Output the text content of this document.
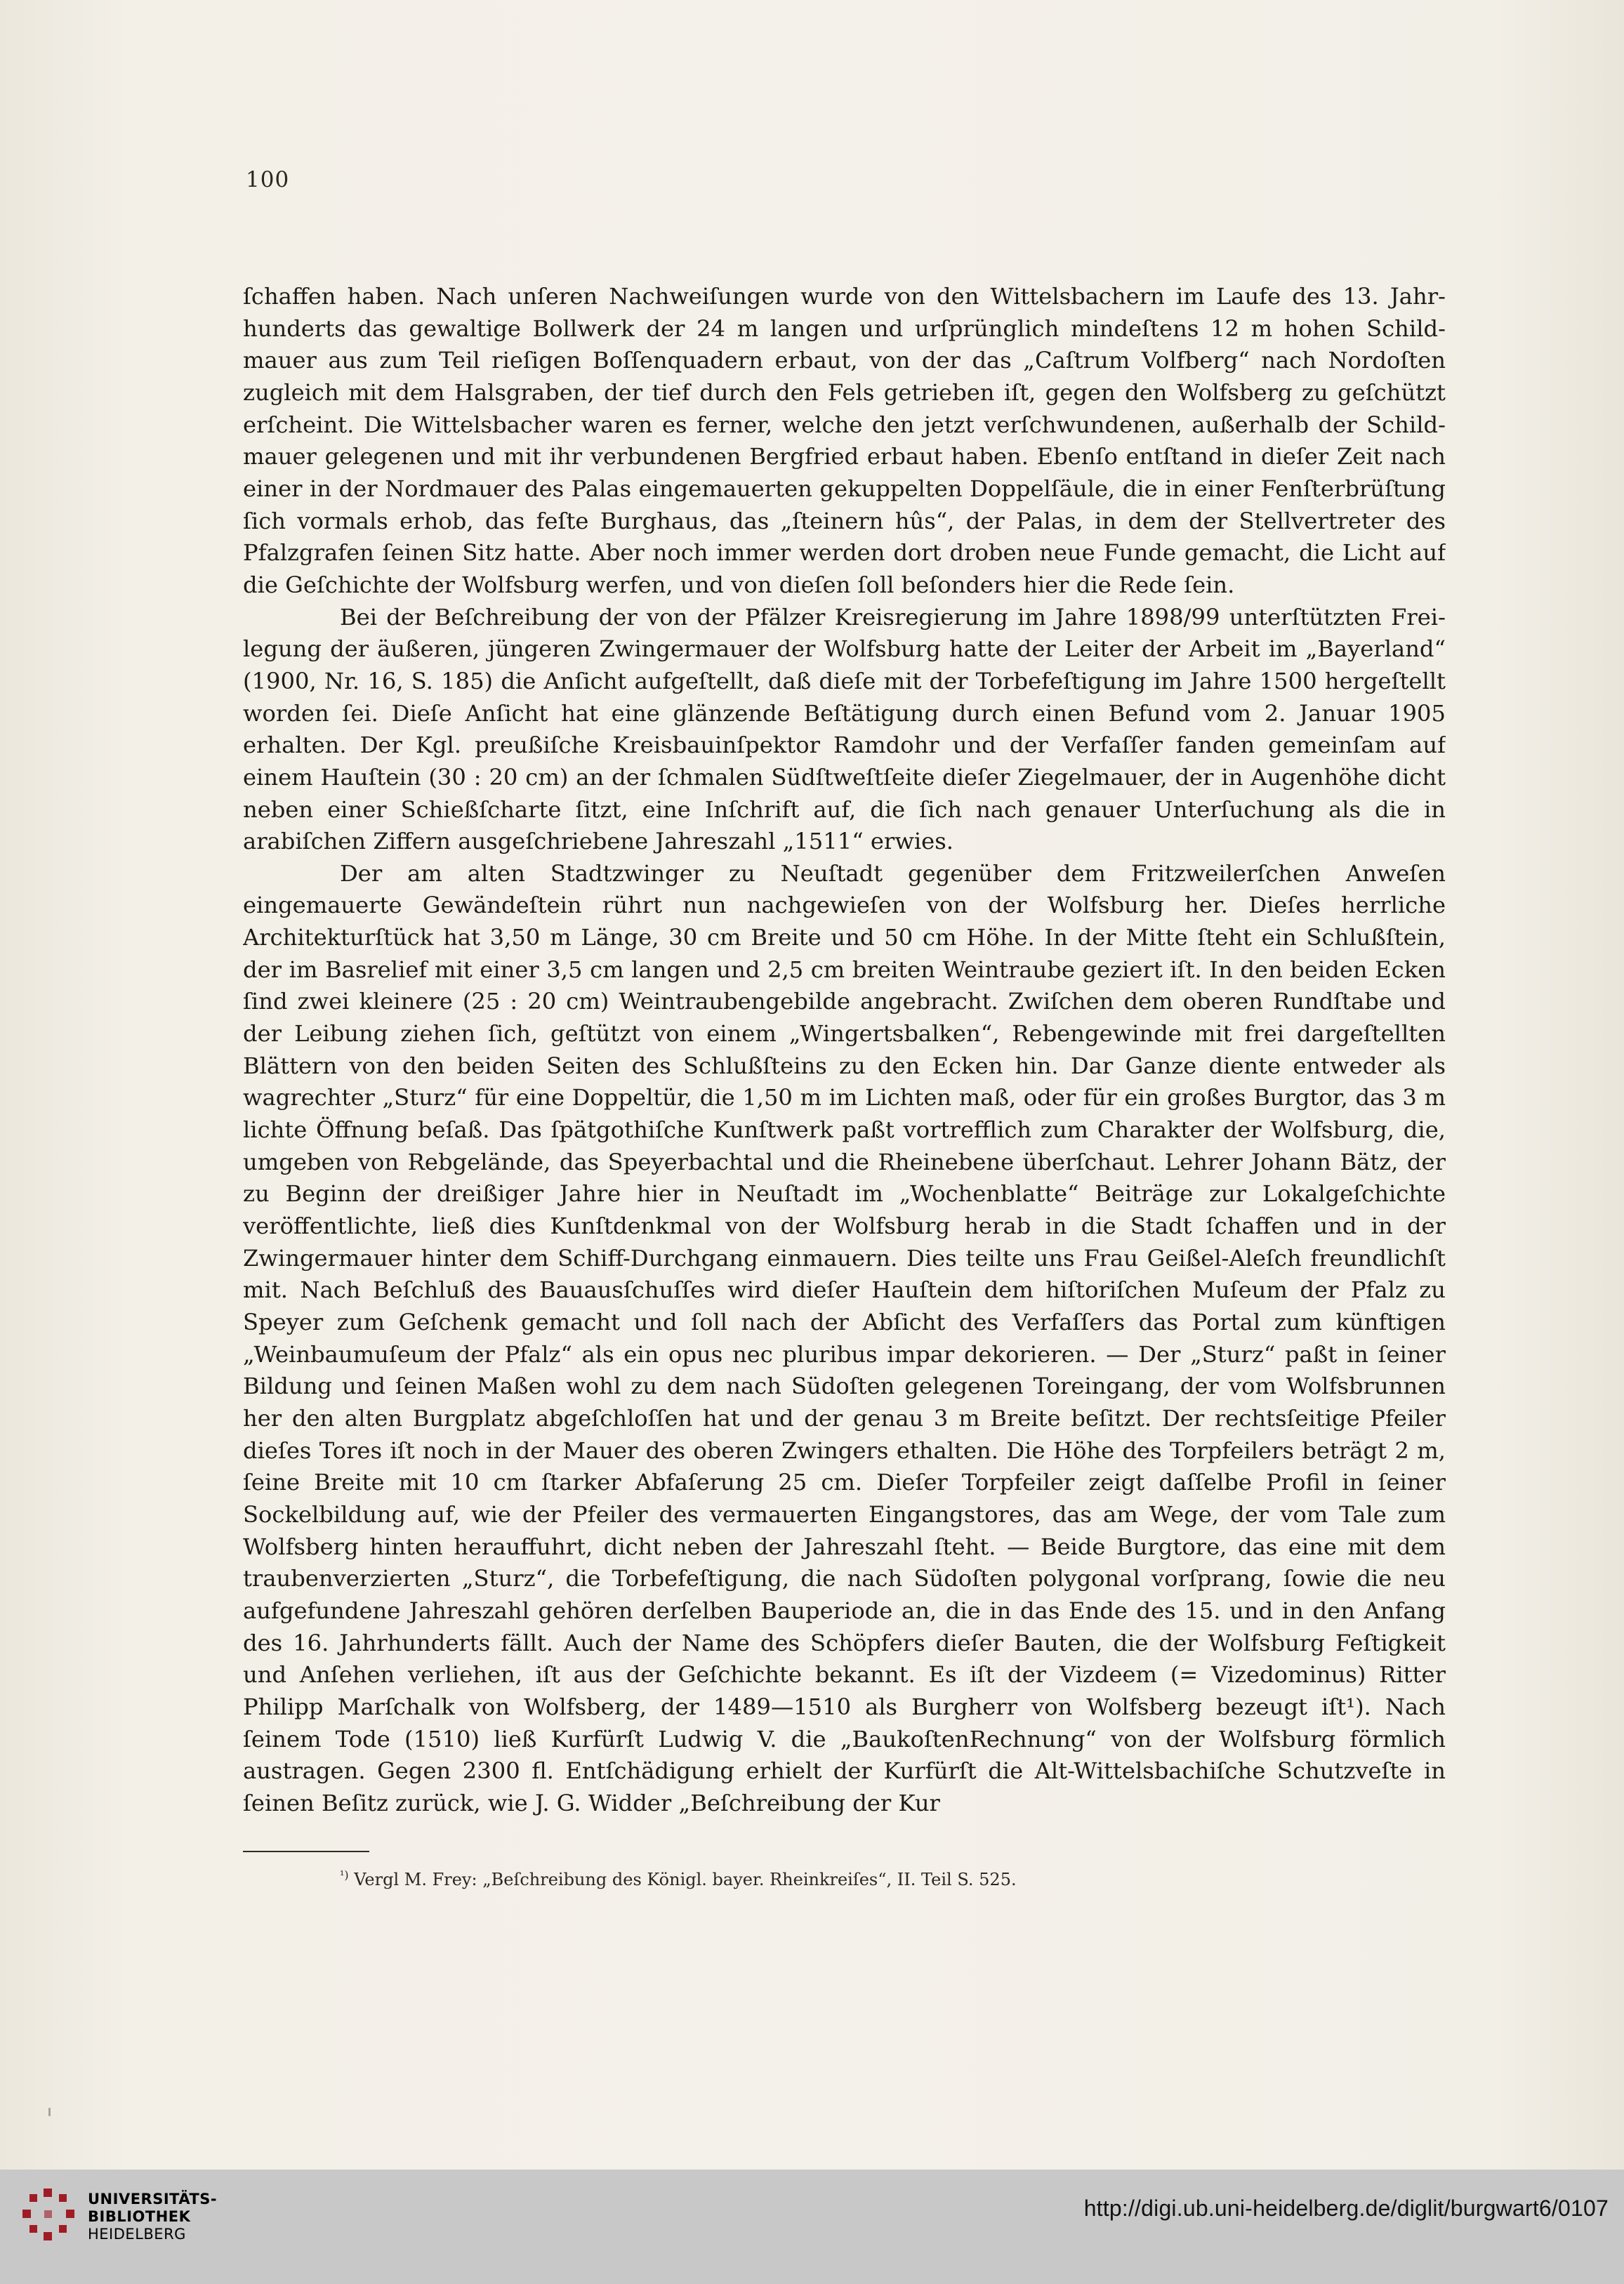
100

ſchaffen haben. Nach unſeren Nachweiſungen wurde von den Wittelsbachern im Laufe des 13. Jahrhunderts das gewaltige Bollwerk der 24 m langen und urſprünglich mindeſtens 12 m hohen Schildmauer aus zum Teil rieſigen Boſſenquadern erbaut, von der das „Caſtrum Volfberg“ nach Nordoſten zugleich mit dem Halsgraben, der tief durch den Fels getrieben iſt, gegen den Wolfsberg zu geſchützt erſcheint. Die Wittelsbacher waren es ferner, welche den jetzt verſchwundenen, außerhalb der Schildmauer gelegenen und mit ihr verbundenen Bergfried erbaut haben. Ebenſo entſtand in dieſer Zeit nach einer in der Nordmauer des Palas eingemauerten gekuppelten Doppelſäule, die in einer Fenſterbrüſtung ſich vormals erhob, das feſte Burghaus, das „ſteinern hûs“, der Palas, in dem der Stellvertreter des Pfalzgrafen ſeinen Sitz hatte. Aber noch immer werden dort droben neue Funde gemacht, die Licht auf die Geſchichte der Wolfsburg werfen, und von dieſen ſoll beſonders hier die Rede ſein.

Bei der Beſchreibung der von der Pfälzer Kreisregierung im Jahre 1898/99 unterſtützten Freilegung der äußeren, jüngeren Zwingermauer der Wolfsburg hatte der Leiter der Arbeit im „Bayerland“ (1900, Nr. 16, S. 185) die Anſicht aufgeſtellt, daß dieſe mit der Torbefeſtigung im Jahre 1500 hergeſtellt worden ſei. Dieſe Anſicht hat eine glänzende Beſtätigung durch einen Befund vom 2. Januar 1905 erhalten. Der Kgl. preußiſche Kreisbauinſpektor Ramdohr und der Verfaſſer fanden gemeinſam auf einem Hauſtein (30 : 20 cm) an der ſchmalen Südſtweſtſeite dieſer Ziegelmauer, der in Augenhöhe dicht neben einer Schießſcharte ſitzt, eine Inſchrift auf, die ſich nach genauer Unterſuchung als die in arabiſchen Ziffern ausgeſchriebene Jahreszahl „1511“ erwies.

Der am alten Stadtzwinger zu Neuſtadt gegenüber dem Fritzweilerſchen Anweſen eingemauerte Gewändeſtein rührt nun nachgewieſen von der Wolfsburg her. Dieſes herrliche Architekturſtück hat 3,50 m Länge, 30 cm Breite und 50 cm Höhe. In der Mitte ſteht ein Schlußſtein, der im Basrelief mit einer 3,5 cm langen und 2,5 cm breiten Weintraube geziert iſt. In den beiden Ecken ſind zwei kleinere (25 : 20 cm) Weintraubengebilde angebracht. Zwiſchen dem oberen Rundſtabe und der Leibung ziehen ſich, geſtützt von einem „Wingertsbalken“, Rebengewinde mit frei dargeſtellten Blättern von den beiden Seiten des Schlußſteins zu den Ecken hin. Dar Ganze diente entweder als wagrechter „Sturz“ für eine Doppeltür, die 1,50 m im Lichten maß, oder für ein großes Burgtor, das 3 m lichte Öffnung beſaß. Das ſpätgothiſche Kunſtwerk paßt vortrefflich zum Charakter der Wolfsburg, die, umgeben von Rebgelände, das Speyerbachtal und die Rheinebene überſchaut. Lehrer Johann Bätz, der zu Beginn der dreißiger Jahre hier in Neuſtadt im „Wochenblatte“ Beiträge zur Lokalgeſchichte veröffentlichte, ließ dies Kunſtdenkmal von der Wolfsburg herab in die Stadt ſchaffen und in der Zwingermauer hinter dem Schiff-Durchgang einmauern. Dies teilte uns Frau Geißel-Aleſch freundlichſt mit. Nach Beſchluß des Bauausſchuſſes wird dieſer Hauſtein dem hiſtoriſchen Muſeum der Pfalz zu Speyer zum Geſchenk gemacht und ſoll nach der Abſicht des Verfaſſers das Portal zum künftigen „Weinbaumuſeum der Pfalz“ als ein opus nec pluribus impar dekorieren. — Der „Sturz“ paßt in ſeiner Bildung und ſeinen Maßen wohl zu dem nach Südoſten gelegenen Toreingang, der vom Wolfsbrunnen her den alten Burgplatz abgeſchloſſen hat und der genau 3 m Breite beſitzt. Der rechtsſeitige Pfeiler dieſes Tores iſt noch in der Mauer des oberen Zwingers ethalten. Die Höhe des Torpfeilers beträgt 2 m, ſeine Breite mit 10 cm ſtarker Abfaſerung 25 cm. Dieſer Torpfeiler zeigt daſſelbe Profil in ſeiner Sockelbildung auf, wie der Pfeiler des vermauerten Eingangstores, das am Wege, der vom Tale zum Wolfsberg hinten herauffuhrt, dicht neben der Jahreszahl ſteht. — Beide Burgtore, das eine mit dem traubenverzierten „Sturz“, die Torbefeſtigung, die nach Südoſten polygonal vorſprang, ſowie die neu aufgefundene Jahreszahl gehören derſelben Bauperiode an, die in das Ende des 15. und in den Anfang des 16. Jahrhunderts fällt. Auch der Name des Schöpfers dieſer Bauten, die der Wolfsburg Feſtigkeit und Anſehen verliehen, iſt aus der Geſchichte bekannt. Es iſt der Vizdeem (= Vizedominus) Ritter Philipp Marſchalk von Wolfsberg, der 1489—1510 als Burgherr von Wolfsberg bezeugt iſt¹). Nach ſeinem Tode (1510) ließ Kurfürſt Ludwig V. die „BaukoſtenRechnung“ von der Wolfsburg förmlich austragen. Gegen 2300 fl. Entſchädigung erhielt der Kurfürſt die Alt-Wittelsbachiſche Schutzveſte in ſeinen Beſitz zurück, wie J. G. Widder „Beſchreibung der Kur

$^{^1)}$ Vergl M. Frey: „Beſchreibung des Königl. bayer. Rheinkreiſes“, II. Teil S. 525.
UNIVERSITÄTS-
BIBLIOTHEK
HEIDELBERG
http://digi.ub.uni-heidelberg.de/diglit/burgwart6/0107
